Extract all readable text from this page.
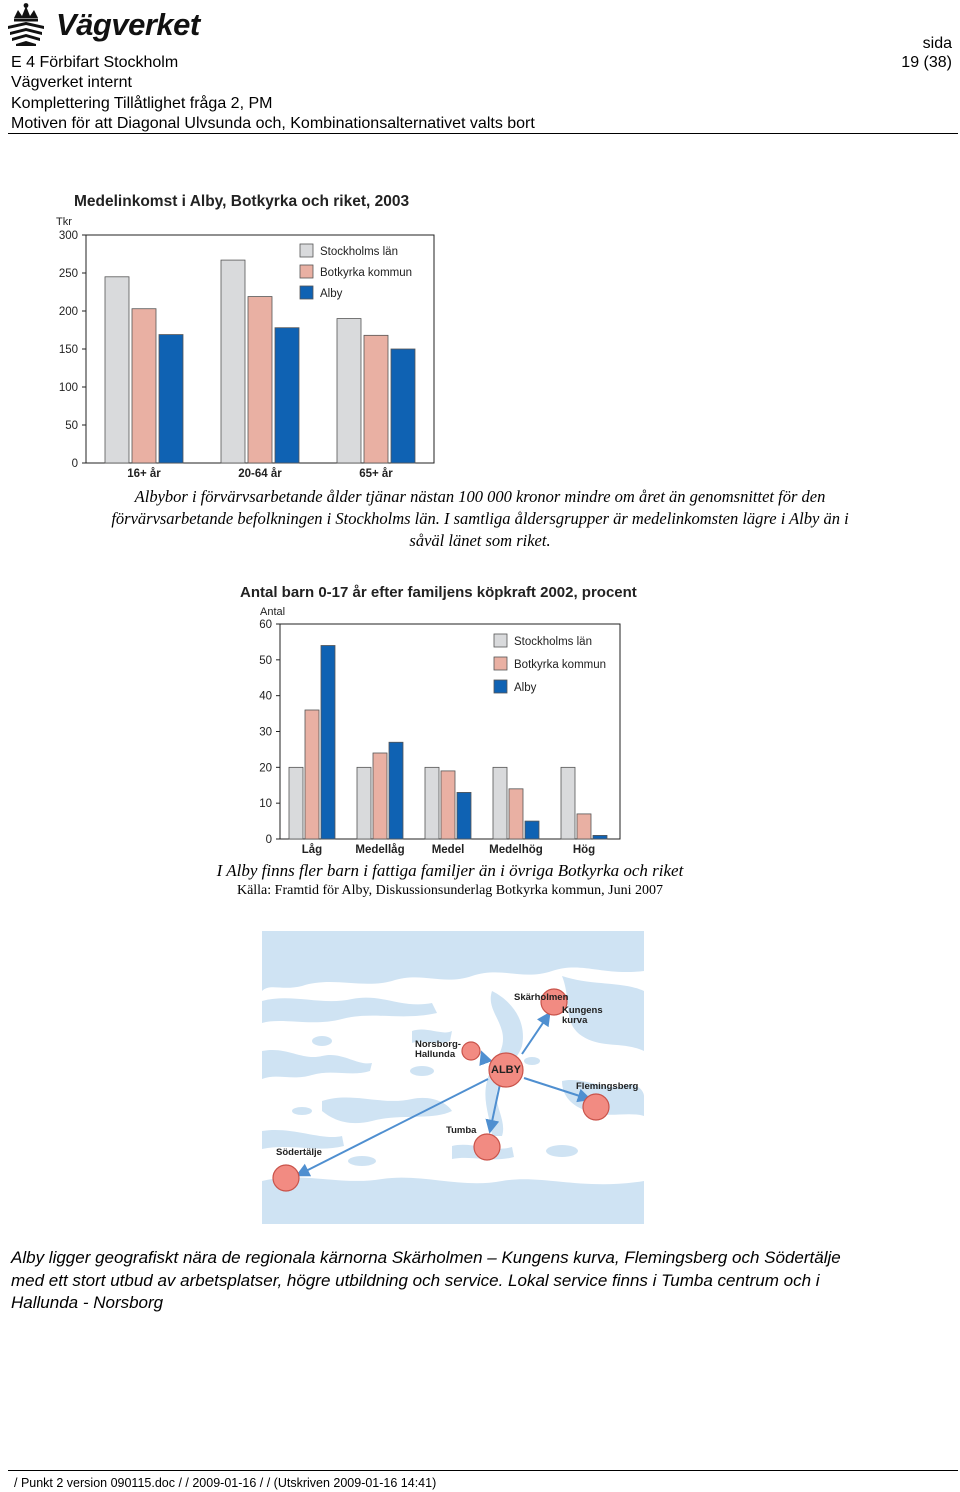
Vägverket
E 4 Förbifart Stockholm
Vägverket internt
Komplettering Tillåtlighet fråga 2, PM
Motiven för att Diagonal Ulvsunda och, Kombinationsalternativet valts bort
sida
19 (38)
Medelinkomst i Alby, Botkyrka och riket, 2003
Tkr
0
50
100
150
200
250
300
16+ år	20-64 år	65+ år
Stockholms län
Botkyrka kommun
Alby
Albybor i förvärvsarbetande ålder tjänar nästan 100 000 kronor mindre om året än genomsnittet för den
förvärvsarbetande befolkningen i Stockholms län. I samtliga åldersgrupper är medelinkomsten lägre i Alby än i
såväl länet som riket.
Antal barn 0-17 år efter familjens köpkraft 2002, procent
Antal
0
10
20
30
40
50
60
Låg	Medellåg Medel Medelhög	Hög
Stockholms län
Botkyrka kommun
Alby
I Alby finns fler barn i fattiga familjer än i övriga Botkyrka och riket
Källa: Framtid för Alby, Diskussionsunderlag Botkyrka kommun, Juni 2007
Skärholmen
Kungens
kurva
Norsborg-
Hallunda
Flemingsberg
Tumba
Södertälje
ALBY
Alby ligger geografiskt nära de regionala kärnorna Skärholmen – Kungens kurva, Flemingsberg och Södertälje
med ett stort utbud av arbetsplatser, högre utbildning och service. Lokal service finns i Tumba centrum och i
Hallunda - Norsborg
/ Punkt 2 version 090115.doc / / 2009-01-16 / / (Utskriven 2009-01-16 14:41)
